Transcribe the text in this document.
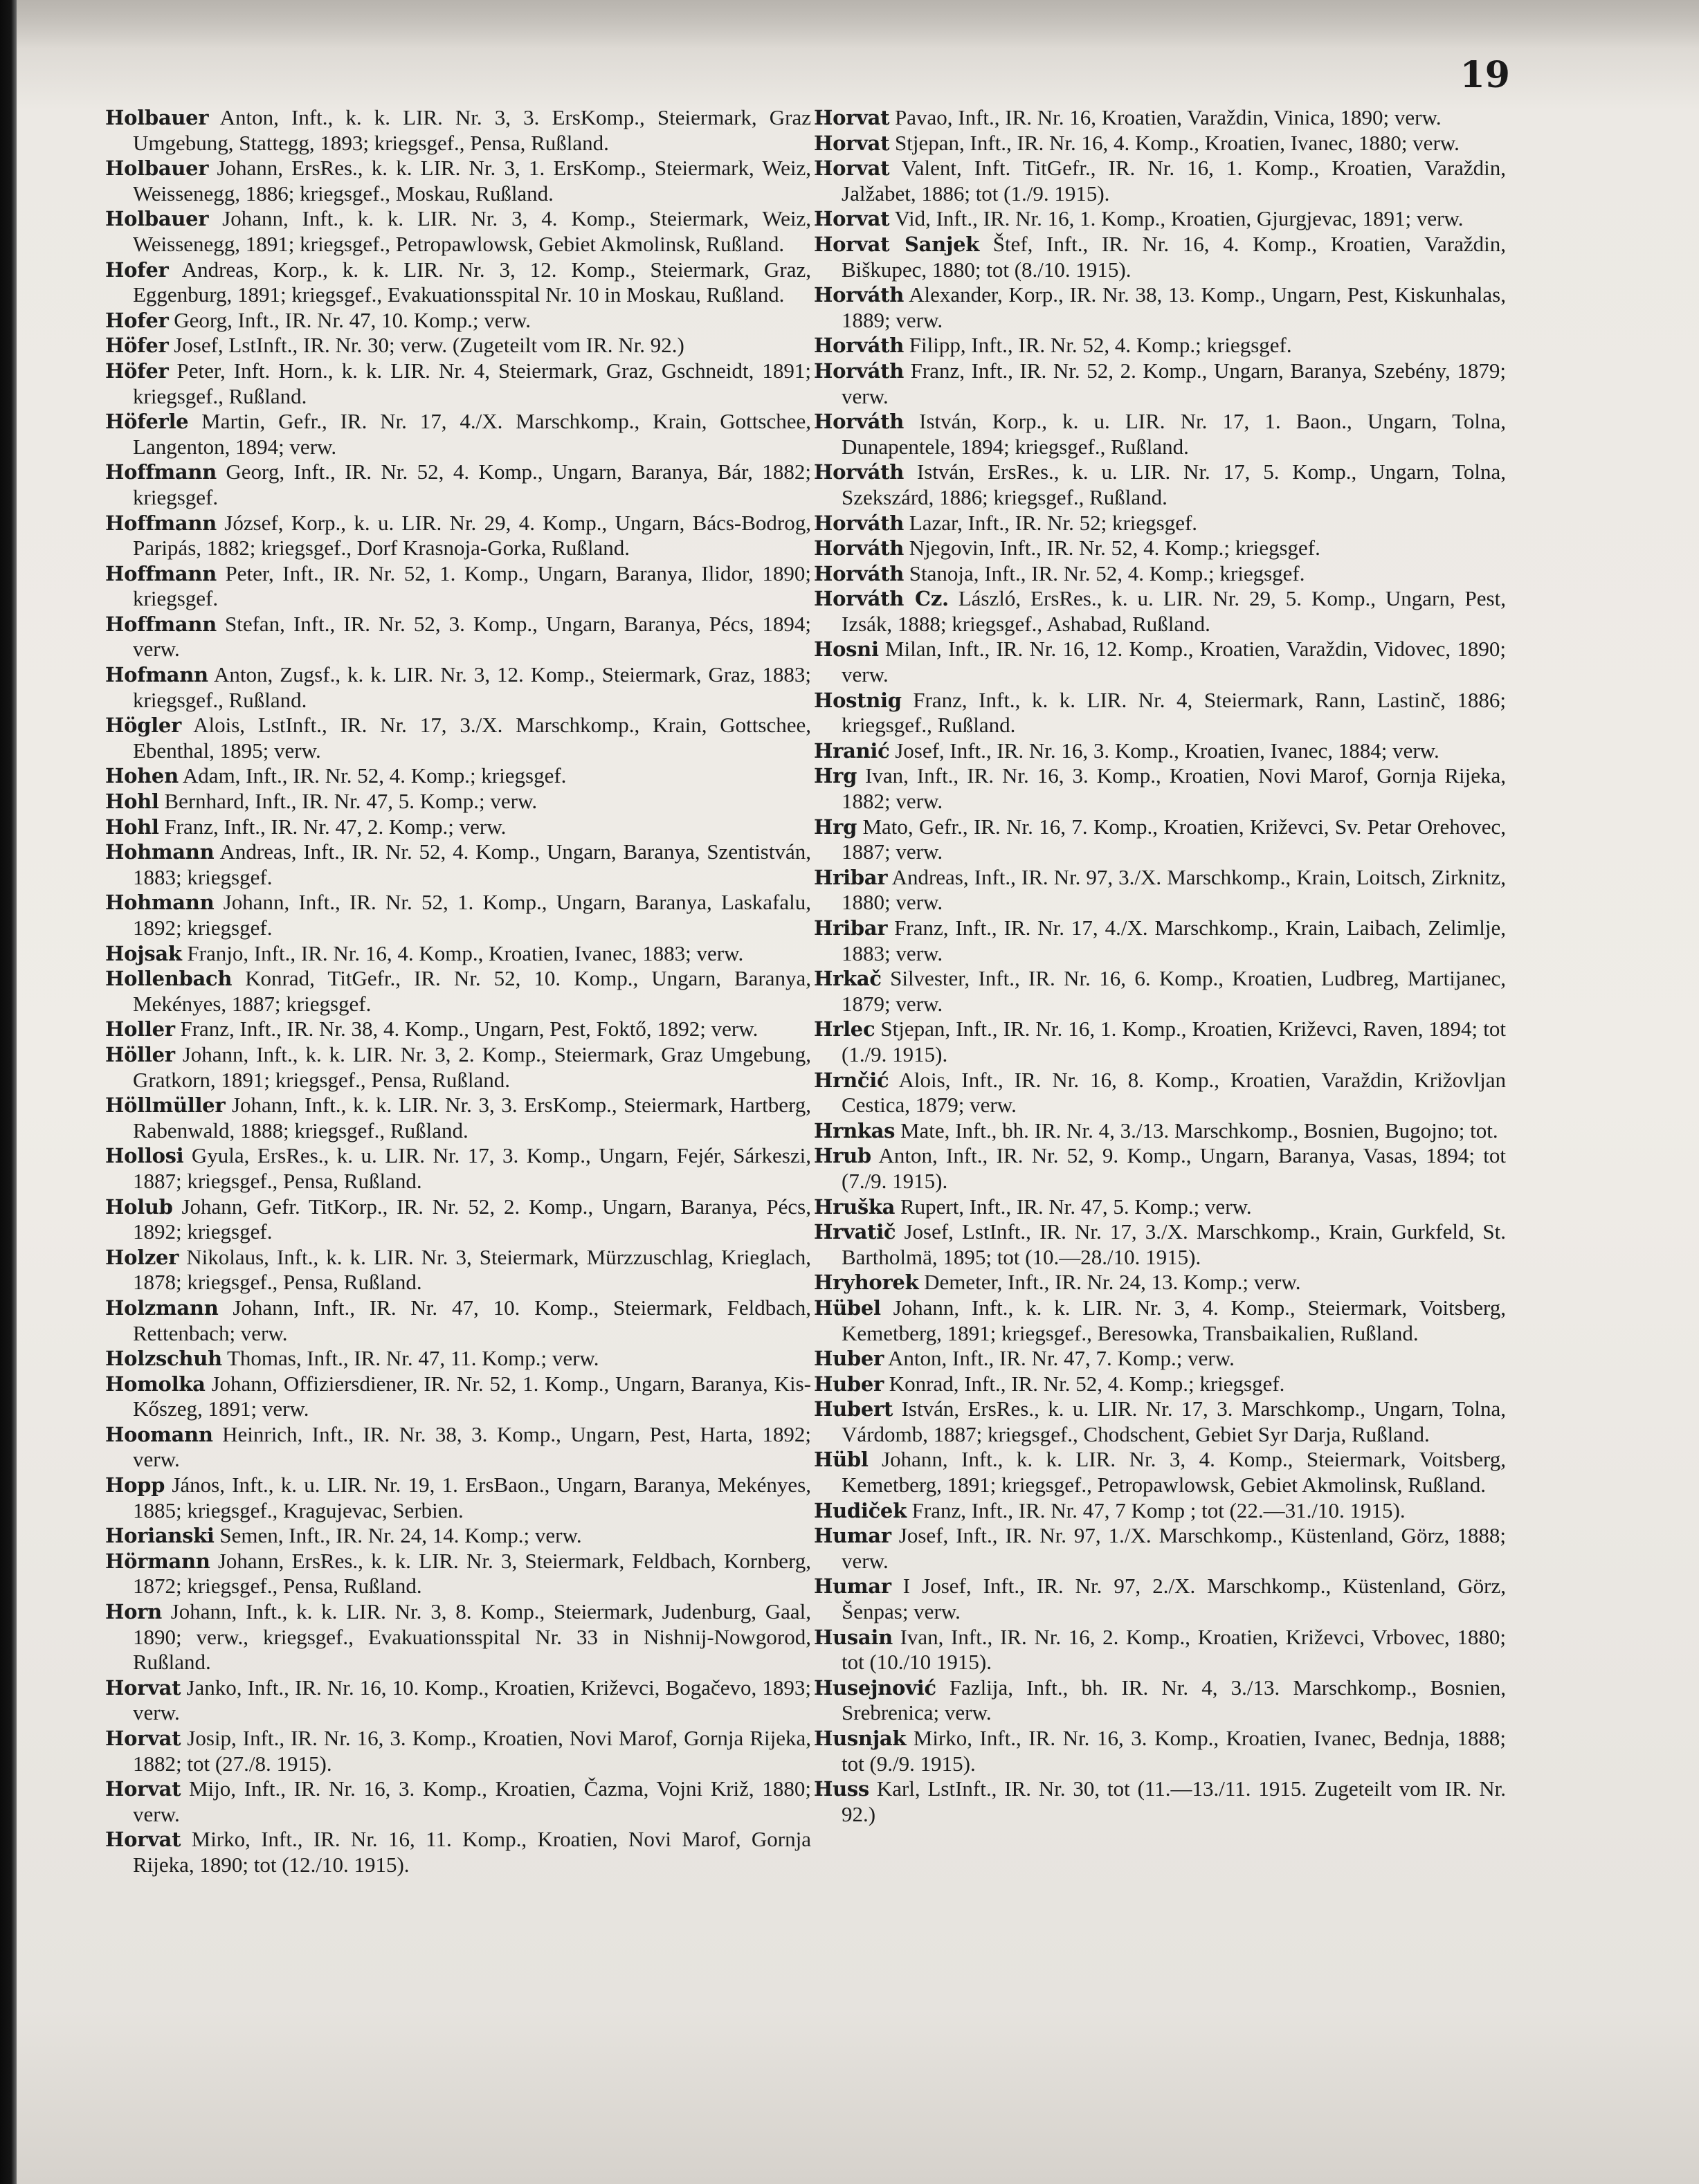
19

Holbauer Anton, Inft., k. k. LIR. Nr. 3, 3. ErsKomp., Steiermark, Graz Umgebung, Stattegg, 1893; kriegsgef., Pensa, Rußland.

Holbauer Johann, ErsRes., k. k. LIR. Nr. 3, 1. ErsKomp., Steiermark, Weiz, Weissenegg, 1886; kriegsgef., Moskau, Rußland.

Holbauer Johann, Inft., k. k. LIR. Nr. 3, 4. Komp., Steiermark, Weiz, Weissenegg, 1891; kriegsgef., Petropawlowsk, Gebiet Akmolinsk, Rußland.

Hofer Andreas, Korp., k. k. LIR. Nr. 3, 12. Komp., Steiermark, Graz, Eggenburg, 1891; kriegsgef., Evakuationsspital Nr. 10 in Moskau, Rußland.

Hofer Georg, Inft., IR. Nr. 47, 10. Komp.; verw.

Höfer Josef, LstInft., IR. Nr. 30; verw. (Zugeteilt vom IR. Nr. 92.)

Höfer Peter, Inft. Horn., k. k. LIR. Nr. 4, Steiermark, Graz, Gschneidt, 1891; kriegsgef., Rußland.

Höferle Martin, Gefr., IR. Nr. 17, 4./X. Marschkomp., Krain, Gottschee, Langenton, 1894; verw.

Hoffmann Georg, Inft., IR. Nr. 52, 4. Komp., Ungarn, Baranya, Bár, 1882; kriegsgef.

Hoffmann József, Korp., k. u. LIR. Nr. 29, 4. Komp., Ungarn, Bács-Bodrog, Paripás, 1882; kriegsgef., Dorf Krasnoja-Gorka, Rußland.

Hoffmann Peter, Inft., IR. Nr. 52, 1. Komp., Ungarn, Baranya, Ilidor, 1890; kriegsgef.

Hoffmann Stefan, Inft., IR. Nr. 52, 3. Komp., Ungarn, Baranya, Pécs, 1894; verw.

Hofmann Anton, Zugsf., k. k. LIR. Nr. 3, 12. Komp., Steiermark, Graz, 1883; kriegsgef., Rußland.

Högler Alois, LstInft., IR. Nr. 17, 3./X. Marschkomp., Krain, Gottschee, Ebenthal, 1895; verw.

Hohen Adam, Inft., IR. Nr. 52, 4. Komp.; kriegsgef.

Hohl Bernhard, Inft., IR. Nr. 47, 5. Komp.; verw.

Hohl Franz, Inft., IR. Nr. 47, 2. Komp.; verw.

Hohmann Andreas, Inft., IR. Nr. 52, 4. Komp., Ungarn, Baranya, Szentistván, 1883; kriegsgef.

Hohmann Johann, Inft., IR. Nr. 52, 1. Komp., Ungarn, Baranya, Laskafalu, 1892; kriegsgef.

Hojsak Franjo, Inft., IR. Nr. 16, 4. Komp., Kroatien, Ivanec, 1883; verw.

Hollenbach Konrad, TitGefr., IR. Nr. 52, 10. Komp., Ungarn, Baranya, Mekényes, 1887; kriegsgef.

Holler Franz, Inft., IR. Nr. 38, 4. Komp., Ungarn, Pest, Foktő, 1892; verw.

Höller Johann, Inft., k. k. LIR. Nr. 3, 2. Komp., Steiermark, Graz Umgebung, Gratkorn, 1891; kriegsgef., Pensa, Rußland.

Höllmüller Johann, Inft., k. k. LIR. Nr. 3, 3. ErsKomp., Steiermark, Hartberg, Rabenwald, 1888; kriegsgef., Rußland.

Hollosi Gyula, ErsRes., k. u. LIR. Nr. 17, 3. Komp., Ungarn, Fejér, Sárkeszi, 1887; kriegsgef., Pensa, Rußland.

Holub Johann, Gefr. TitKorp., IR. Nr. 52, 2. Komp., Ungarn, Baranya, Pécs, 1892; kriegsgef.

Holzer Nikolaus, Inft., k. k. LIR. Nr. 3, Steiermark, Mürzzuschlag, Krieglach, 1878; kriegsgef., Pensa, Rußland.

Holzmann Johann, Inft., IR. Nr. 47, 10. Komp., Steiermark, Feldbach, Rettenbach; verw.

Holzschuh Thomas, Inft., IR. Nr. 47, 11. Komp.; verw.

Homolka Johann, Offiziersdiener, IR. Nr. 52, 1. Komp., Ungarn, Baranya, Kis-Kőszeg, 1891; verw.

Hoomann Heinrich, Inft., IR. Nr. 38, 3. Komp., Ungarn, Pest, Harta, 1892; verw.

Hopp János, Inft., k. u. LIR. Nr. 19, 1. ErsBaon., Ungarn, Baranya, Mekényes, 1885; kriegsgef., Kragujevac, Serbien.

Horianski Semen, Inft., IR. Nr. 24, 14. Komp.; verw.

Hörmann Johann, ErsRes., k. k. LIR. Nr. 3, Steiermark, Feldbach, Kornberg, 1872; kriegsgef., Pensa, Rußland.

Horn Johann, Inft., k. k. LIR. Nr. 3, 8. Komp., Steiermark, Judenburg, Gaal, 1890; verw., kriegsgef., Evakuationsspital Nr. 33 in Nishnij-Nowgorod, Rußland.

Horvat Janko, Inft., IR. Nr. 16, 10. Komp., Kroatien, Križevci, Bogačevo, 1893; verw.

Horvat Josip, Inft., IR. Nr. 16, 3. Komp., Kroatien, Novi Marof, Gornja Rijeka, 1882; tot (27./8. 1915).

Horvat Mijo, Inft., IR. Nr. 16, 3. Komp., Kroatien, Čazma, Vojni Križ, 1880; verw.

Horvat Mirko, Inft., IR. Nr. 16, 11. Komp., Kroatien, Novi Marof, Gornja Rijeka, 1890; tot (12./10. 1915).

Horvat Pavao, Inft., IR. Nr. 16, Kroatien, Varaždin, Vinica, 1890; verw.

Horvat Stjepan, Inft., IR. Nr. 16, 4. Komp., Kroatien, Ivanec, 1880; verw.

Horvat Valent, Inft. TitGefr., IR. Nr. 16, 1. Komp., Kroatien, Varaždin, Jalžabet, 1886; tot (1./9. 1915).

Horvat Vid, Inft., IR. Nr. 16, 1. Komp., Kroatien, Gjurgjevac, 1891; verw.

Horvat Sanjek Štef, Inft., IR. Nr. 16, 4. Komp., Kroatien, Varaždin, Biškupec, 1880; tot (8./10. 1915).

Horváth Alexander, Korp., IR. Nr. 38, 13. Komp., Ungarn, Pest, Kiskunhalas, 1889; verw.

Horváth Filipp, Inft., IR. Nr. 52, 4. Komp.; kriegsgef.

Horváth Franz, Inft., IR. Nr. 52, 2. Komp., Ungarn, Baranya, Szebény, 1879; verw.

Horváth István, Korp., k. u. LIR. Nr. 17, 1. Baon., Ungarn, Tolna, Dunapentele, 1894; kriegsgef., Rußland.

Horváth István, ErsRes., k. u. LIR. Nr. 17, 5. Komp., Ungarn, Tolna, Szekszárd, 1886; kriegsgef., Rußland.

Horváth Lazar, Inft., IR. Nr. 52; kriegsgef.

Horváth Njegovin, Inft., IR. Nr. 52, 4. Komp.; kriegsgef.

Horváth Stanoja, Inft., IR. Nr. 52, 4. Komp.; kriegsgef.

Horváth Cz. László, ErsRes., k. u. LIR. Nr. 29, 5. Komp., Ungarn, Pest, Izsák, 1888; kriegsgef., Ashabad, Rußland.

Hosni Milan, Inft., IR. Nr. 16, 12. Komp., Kroatien, Varaždin, Vidovec, 1890; verw.

Hostnig Franz, Inft., k. k. LIR. Nr. 4, Steiermark, Rann, Lastinč, 1886; kriegsgef., Rußland.

Hranić Josef, Inft., IR. Nr. 16, 3. Komp., Kroatien, Ivanec, 1884; verw.

Hrg Ivan, Inft., IR. Nr. 16, 3. Komp., Kroatien, Novi Marof, Gornja Rijeka, 1882; verw.

Hrg Mato, Gefr., IR. Nr. 16, 7. Komp., Kroatien, Križevci, Sv. Petar Orehovec, 1887; verw.

Hribar Andreas, Inft., IR. Nr. 97, 3./X. Marschkomp., Krain, Loitsch, Zirknitz, 1880; verw.

Hribar Franz, Inft., IR. Nr. 17, 4./X. Marschkomp., Krain, Laibach, Zelimlje, 1883; verw.

Hrkač Silvester, Inft., IR. Nr. 16, 6. Komp., Kroatien, Ludbreg, Martijanec, 1879; verw.

Hrlec Stjepan, Inft., IR. Nr. 16, 1. Komp., Kroatien, Križevci, Raven, 1894; tot (1./9. 1915).

Hrnčić Alois, Inft., IR. Nr. 16, 8. Komp., Kroatien, Varaždin, Križovljan Cestica, 1879; verw.

Hrnkas Mate, Inft., bh. IR. Nr. 4, 3./13. Marschkomp., Bosnien, Bugojno; tot.

Hrub Anton, Inft., IR. Nr. 52, 9. Komp., Ungarn, Baranya, Vasas, 1894; tot (7./9. 1915).

Hruška Rupert, Inft., IR. Nr. 47, 5. Komp.; verw.

Hrvatič Josef, LstInft., IR. Nr. 17, 3./X. Marschkomp., Krain, Gurkfeld, St. Bartholmä, 1895; tot (10.—28./10. 1915).

Hryhorek Demeter, Inft., IR. Nr. 24, 13. Komp.; verw.

Hübel Johann, Inft., k. k. LIR. Nr. 3, 4. Komp., Steiermark, Voitsberg, Kemetberg, 1891; kriegsgef., Beresowka, Transbaikalien, Rußland.

Huber Anton, Inft., IR. Nr. 47, 7. Komp.; verw.

Huber Konrad, Inft., IR. Nr. 52, 4. Komp.; kriegsgef.

Hubert István, ErsRes., k. u. LIR. Nr. 17, 3. Marschkomp., Ungarn, Tolna, Várdomb, 1887; kriegsgef., Chodschent, Gebiet Syr Darja, Rußland.

Hübl Johann, Inft., k. k. LIR. Nr. 3, 4. Komp., Steiermark, Voitsberg, Kemetberg, 1891; kriegsgef., Petropawlowsk, Gebiet Akmolinsk, Rußland.

Hudiček Franz, Inft., IR. Nr. 47, 7 Komp ; tot (22.—31./10. 1915).

Humar Josef, Inft., IR. Nr. 97, 1./X. Marschkomp., Küstenland, Görz, 1888; verw.

Humar I Josef, Inft., IR. Nr. 97, 2./X. Marschkomp., Küstenland, Görz, Šenpas; verw.

Husain Ivan, Inft., IR. Nr. 16, 2. Komp., Kroatien, Križevci, Vrbovec, 1880; tot (10./10 1915).

Husejnović Fazlija, Inft., bh. IR. Nr. 4, 3./13. Marschkomp., Bosnien, Srebrenica; verw.

Husnjak Mirko, Inft., IR. Nr. 16, 3. Komp., Kroatien, Ivanec, Bednja, 1888; tot (9./9. 1915).

Huss Karl, LstInft., IR. Nr. 30, tot (11.—13./11. 1915. Zugeteilt vom IR. Nr. 92.)
